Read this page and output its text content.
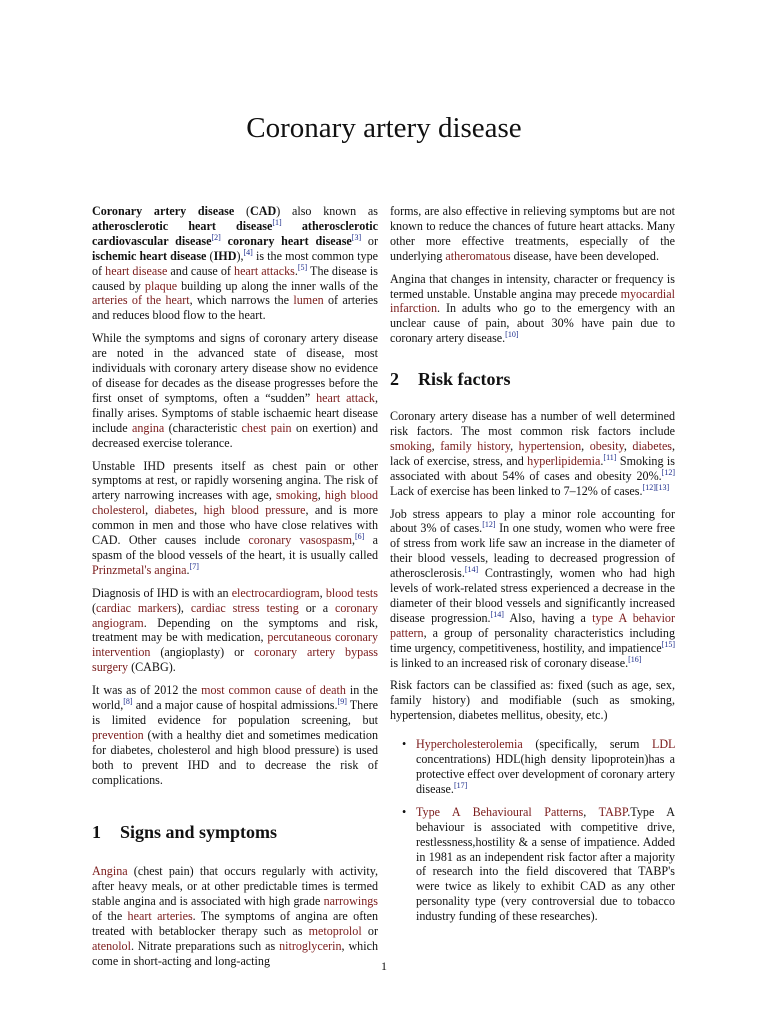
Coronary artery disease

Coronary artery disease (CAD) also known as atherosclerotic heart disease[1] atherosclerotic cardiovascular disease[2] coronary heart disease[3] or ischemic heart disease (IHD),[4] is the most common type of heart disease and cause of heart attacks.[5] The disease is caused by plaque building up along the inner walls of the arteries of the heart, which narrows the lumen of arteries and reduces blood flow to the heart.

While the symptoms and signs of coronary artery disease are noted in the advanced state of disease, most individuals with coronary artery disease show no evidence of disease for decades as the disease progresses before the first onset of symptoms, often a “sudden” heart attack, finally arises. Symptoms of stable ischaemic heart disease include angina (characteristic chest pain on exertion) and decreased exercise tolerance.

Unstable IHD presents itself as chest pain or other symptoms at rest, or rapidly worsening angina. The risk of artery narrowing increases with age, smoking, high blood cholesterol, diabetes, high blood pressure, and is more common in men and those who have close relatives with CAD. Other causes include coronary vasospasm,[6] a spasm of the blood vessels of the heart, it is usually called Prinzmetal's angina.[7]

Diagnosis of IHD is with an electrocardiogram, blood tests (cardiac markers), cardiac stress testing or a coronary angiogram. Depending on the symptoms and risk, treatment may be with medication, percutaneous coronary intervention (angioplasty) or coronary artery bypass surgery (CABG).

It was as of 2012 the most common cause of death in the world,[8] and a major cause of hospital admissions.[9] There is limited evidence for population screening, but prevention (with a healthy diet and sometimes medication for diabetes, cholesterol and high blood pressure) is used both to prevent IHD and to decrease the risk of complications.

1 Signs and symptoms

Angina (chest pain) that occurs regularly with activity, after heavy meals, or at other predictable times is termed stable angina and is associated with high grade narrowings of the heart arteries. The symptoms of angina are often treated with betablocker therapy such as metoprolol or atenolol. Nitrate preparations such as nitroglycerin, which come in short-acting and long-acting

forms, are also effective in relieving symptoms but are not known to reduce the chances of future heart attacks. Many other more effective treatments, especially of the underlying atheromatous disease, have been developed.

Angina that changes in intensity, character or frequency is termed unstable. Unstable angina may precede myocardial infarction. In adults who go to the emergency with an unclear cause of pain, about 30% have pain due to coronary artery disease.[10]

2 Risk factors

Coronary artery disease has a number of well determined risk factors. The most common risk factors include smoking, family history, hypertension, obesity, diabetes, lack of exercise, stress, and hyperlipidemia.[11] Smoking is associated with about 54% of cases and obesity 20%.[12] Lack of exercise has been linked to 7–12% of cases.[12][13]

Job stress appears to play a minor role accounting for about 3% of cases.[12] In one study, women who were free of stress from work life saw an increase in the diameter of their blood vessels, leading to decreased progression of atherosclerosis.[14] Contrastingly, women who had high levels of work-related stress experienced a decrease in the diameter of their blood vessels and significantly increased disease progression.[14] Also, having a type A behavior pattern, a group of personality characteristics including time urgency, competitiveness, hostility, and impatience[15] is linked to an increased risk of coronary disease.[16]

Risk factors can be classified as: fixed (such as age, sex, family history) and modifiable (such as smoking, hypertension, diabetes mellitus, obesity, etc.)

• Hypercholesterolemia (specifically, serum LDL concentrations) HDL(high density lipoprotein)has a protective effect over development of coronary artery disease.[17]
• Type A Behavioural Patterns, TABP.Type A behaviour is associated with competitive drive, restlessness,hostility & a sense of impatience. Added in 1981 as an independent risk factor after a majority of research into the field discovered that TABP's were twice as likely to exhibit CAD as any other personality type (very controversial due to tobacco industry funding of these researches).
1
